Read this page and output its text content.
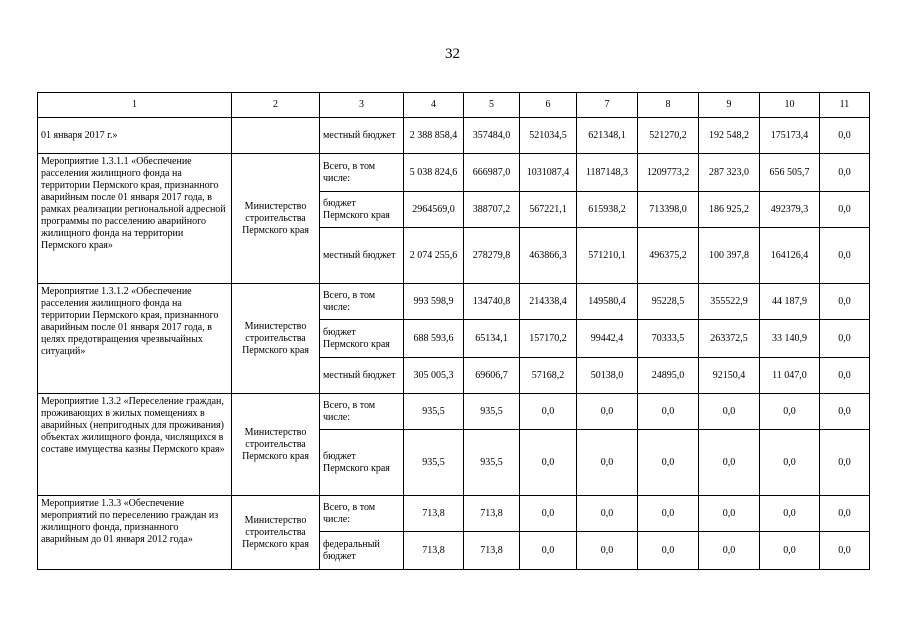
32
1	2	3	4	5	6	7	8	9	10	11
01 января 2017 г.»		местный бюджет	2 388 858,4	357484,0	521034,5	621348,1	521270,2	192 548,2	175173,4	0,0
Мероприятие 1.3.1.1 «Обеспечение расселения жилищного фонда на территории Пермского края, признанного аварийным после 01 января 2017 года, в рамках реализации региональной адресной программы по расселению аварийного жилищного фонда на территории Пермского края»	Министерство строительства Пермского края	Всего, в том числе:	5 038 824,6	666987,0	1031087,4	1187148,3	1209773,2	287 323,0	656 505,7	0,0
		бюджет Пермского края	2964569,0	388707,2	567221,1	615938,2	713398,0	186 925,2	492379,3	0,0
		местный бюджет	2 074 255,6	278279,8	463866,3	571210,1	496375,2	100 397,8	164126,4	0,0
Мероприятие 1.3.1.2 «Обеспечение расселения жилищного фонда на территории Пермского края, признанного аварийным после 01 января 2017 года, в целях предотвращения чрезвычайных ситуаций»	Министерство строительства Пермского края	Всего, в том числе:	993 598,9	134740,8	214338,4	149580,4	95228,5	355522,9	44 187,9	0,0
		бюджет Пермского края	688 593,6	65134,1	157170,2	99442,4	70333,5	263372,5	33 140,9	0,0
		местный бюджет	305 005,3	69606,7	57168,2	50138,0	24895,0	92150,4	11 047,0	0,0
Мероприятие 1.3.2 «Переселение граждан, проживающих в жилых помещениях в аварийных (непригодных для проживания) объектах жилищного фонда, числящихся в составе имущества казны Пермского края»	Министерство строительства Пермского края	Всего, в том числе:	935,5	935,5	0,0	0,0	0,0	0,0	0,0	0,0
		бюджет Пермского края	935,5	935,5	0,0	0,0	0,0	0,0	0,0	0,0
Мероприятие 1.3.3 «Обеспечение мероприятий по переселению граждан из жилищного фонда, признанного аварийным до 01 января 2012 года»	Министерство строительства Пермского края	Всего, в том числе:	713,8	713,8	0,0	0,0	0,0	0,0	0,0	0,0
		федеральный бюджет	713,8	713,8	0,0	0,0	0,0	0,0	0,0	0,0
